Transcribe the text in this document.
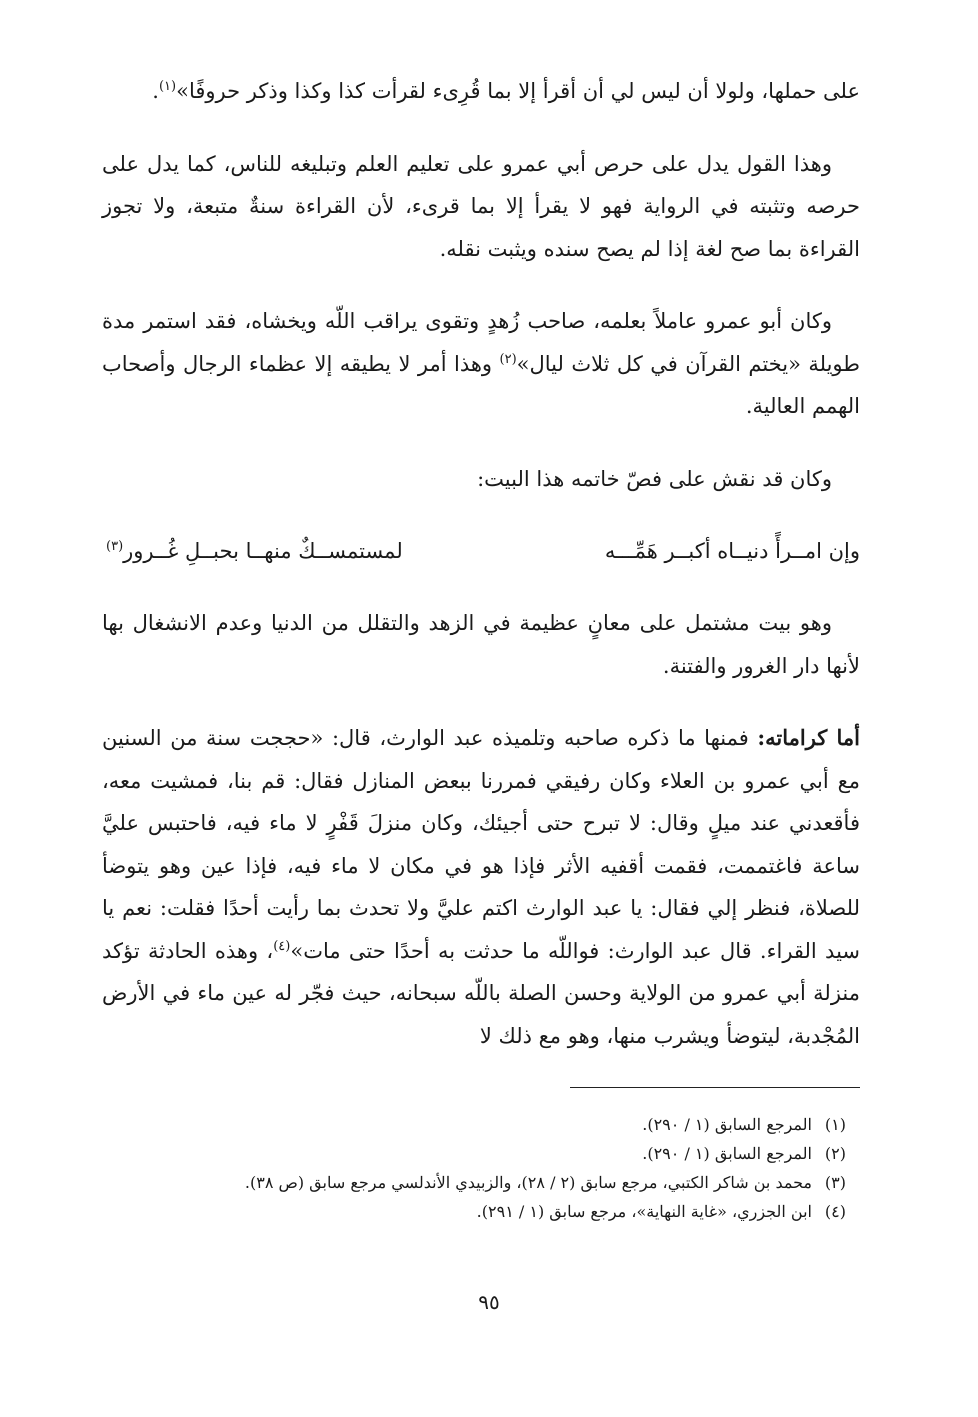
على حملها، ولولا أن ليس لي أن أقرأ إلا بما قُرِىء لقرأت كذا وكذا وذكر حروفًا»$^{(١)}$.

وهذا القول يدل على حرص أبي عمرو على تعليم العلم وتبليغه للناس، كما يدل على حرصه وتثبته في الرواية فهو لا يقرأ إلا بما قرىء، لأن القراءة سنةٌ متبعة، ولا تجوز القراءة بما صح لغة إذا لم يصح سنده ويثبت نقله.

وكان أبو عمرو عاملاً بعلمه، صاحب زُهدٍ وتقوى يراقب اللّه ويخشاه، فقد استمر مدة طويلة «يختم القرآن في كل ثلاث ليال»$^{(٢)}$ وهذا أمر لا يطيقه إلا عظماء الرجال وأصحاب الهمم العالية.

وكان قد نقش على فصّ خاتمه هذا البيت:

وإن امــرأً دنيــاه أكبــر هَمِّـــه
لمستمســكٌ منهــا بحبــلِ غُــرور$^{(٣)}$

وهو بيت مشتمل على معانٍ عظيمة في الزهد والتقلل من الدنيا وعدم الانشغال بها لأنها دار الغرور والفتنة.

أما كراماته: فمنها ما ذكره صاحبه وتلميذه عبد الوارث، قال: «حججت سنة من السنين مع أبي عمرو بن العلاء وكان رفيقي فمررنا ببعض المنازل فقال: قم بنا، فمشيت معه، فأقعدني عند ميلٍ وقال: لا تبرح حتى أجيئك، وكان منزلَ قَفْرٍ لا ماء فيه، فاحتبس عليَّ ساعة فاغتممت، فقمت أقفيه الأثر فإذا هو في مكان لا ماء فيه، فإذا عين وهو يتوضأ للصلاة، فنظر إلي فقال: يا عبد الوارث اكتم عليَّ ولا تحدث بما رأيت أحدًا فقلت: نعم يا سيد القراء. قال عبد الوارث: فواللّه ما حدثت به أحدًا حتى مات»$^{(٤)}$، وهذه الحادثة تؤكد منزلة أبي عمرو من الولاية وحسن الصلة باللّه سبحانه، حيث فجّر له عين ماء في الأرض المُجْدبة، ليتوضأ ويشرب منها، وهو مع ذلك لا

(١)المرجع السابق (١ / ٢٩٠).
(٢)المرجع السابق (١ / ٢٩٠).
(٣)محمد بن شاكر الكتبي، مرجع سابق (٢ / ٢٨)، والزبيدي الأندلسي مرجع سابق (ص ٣٨).
(٤)ابن الجزري، «غاية النهاية»، مرجع سابق (١ / ٢٩١).
٩٥
